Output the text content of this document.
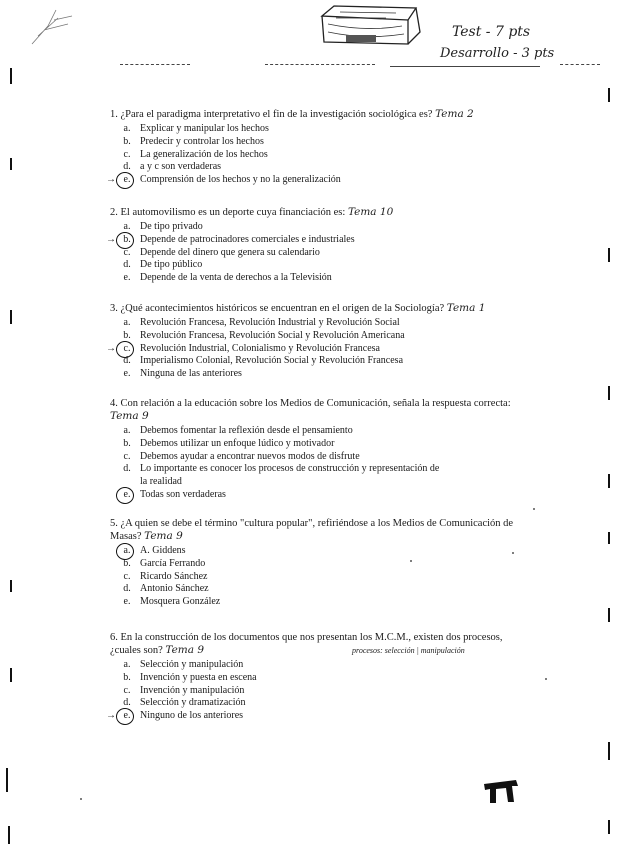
Test - 7 pts
Desarrollo - 3 pts
1. ¿Para el paradigma interpretativo el fin de la investigación sociológica es? Tema 2
a. Explicar y manipular los hechos
b. Predecir y controlar los hechos
c. La generalización de los hechos
d. a y c son verdaderas
→ e. Comprensión de los hechos y no la generalización
2. El automovilismo es un deporte cuya financiación es: Tema 10
a. De tipo privado
→ b. Depende de patrocinadores comerciales e industriales
c. Depende del dinero que genera su calendario
d. De tipo público
e. Depende de la venta de derechos a la Televisión
3. ¿Qué acontecimientos históricos se encuentran en el origen de la Sociología? Tema 1
a. Revolución Francesa, Revolución Industrial y Revolución Social
b. Revolución Francesa, Revolución Social y Revolución Americana
→ c. Revolución Industrial, Colonialismo y Revolución Francesa
d. Imperialismo Colonial, Revolución Social y Revolución Francesa
e. Ninguna de las anteriores
4. Con relación a la educación sobre los Medios de Comunicación, señala la respuesta correcta: Tema 9
a. Debemos fomentar la reflexión desde el pensamiento
b. Debemos utilizar un enfoque lúdico y motivador
c. Debemos ayudar a encontrar nuevos modos de disfrute
d. Lo importante es conocer los procesos de construcción y representación de
la realidad
e. Todas son verdaderas
5. ¿A quien se debe el término "cultura popular", refiriéndose a los Medios de Comunicación de Masas? Tema 9
a. A. Giddens
b. García Ferrando
c. Ricardo Sánchez
d. Antonio Sánchez
e. Mosquera González
6. En la construcción de los documentos que nos presentan los M.C.M., existen dos procesos, ¿cuales son? Tema 9
a. Selección y manipulación
b. Invención y puesta en escena
c. Invención y manipulación
d. Selección y dramatización
→ e. Ninguno de los anteriores
procesos: selección | manipulación
